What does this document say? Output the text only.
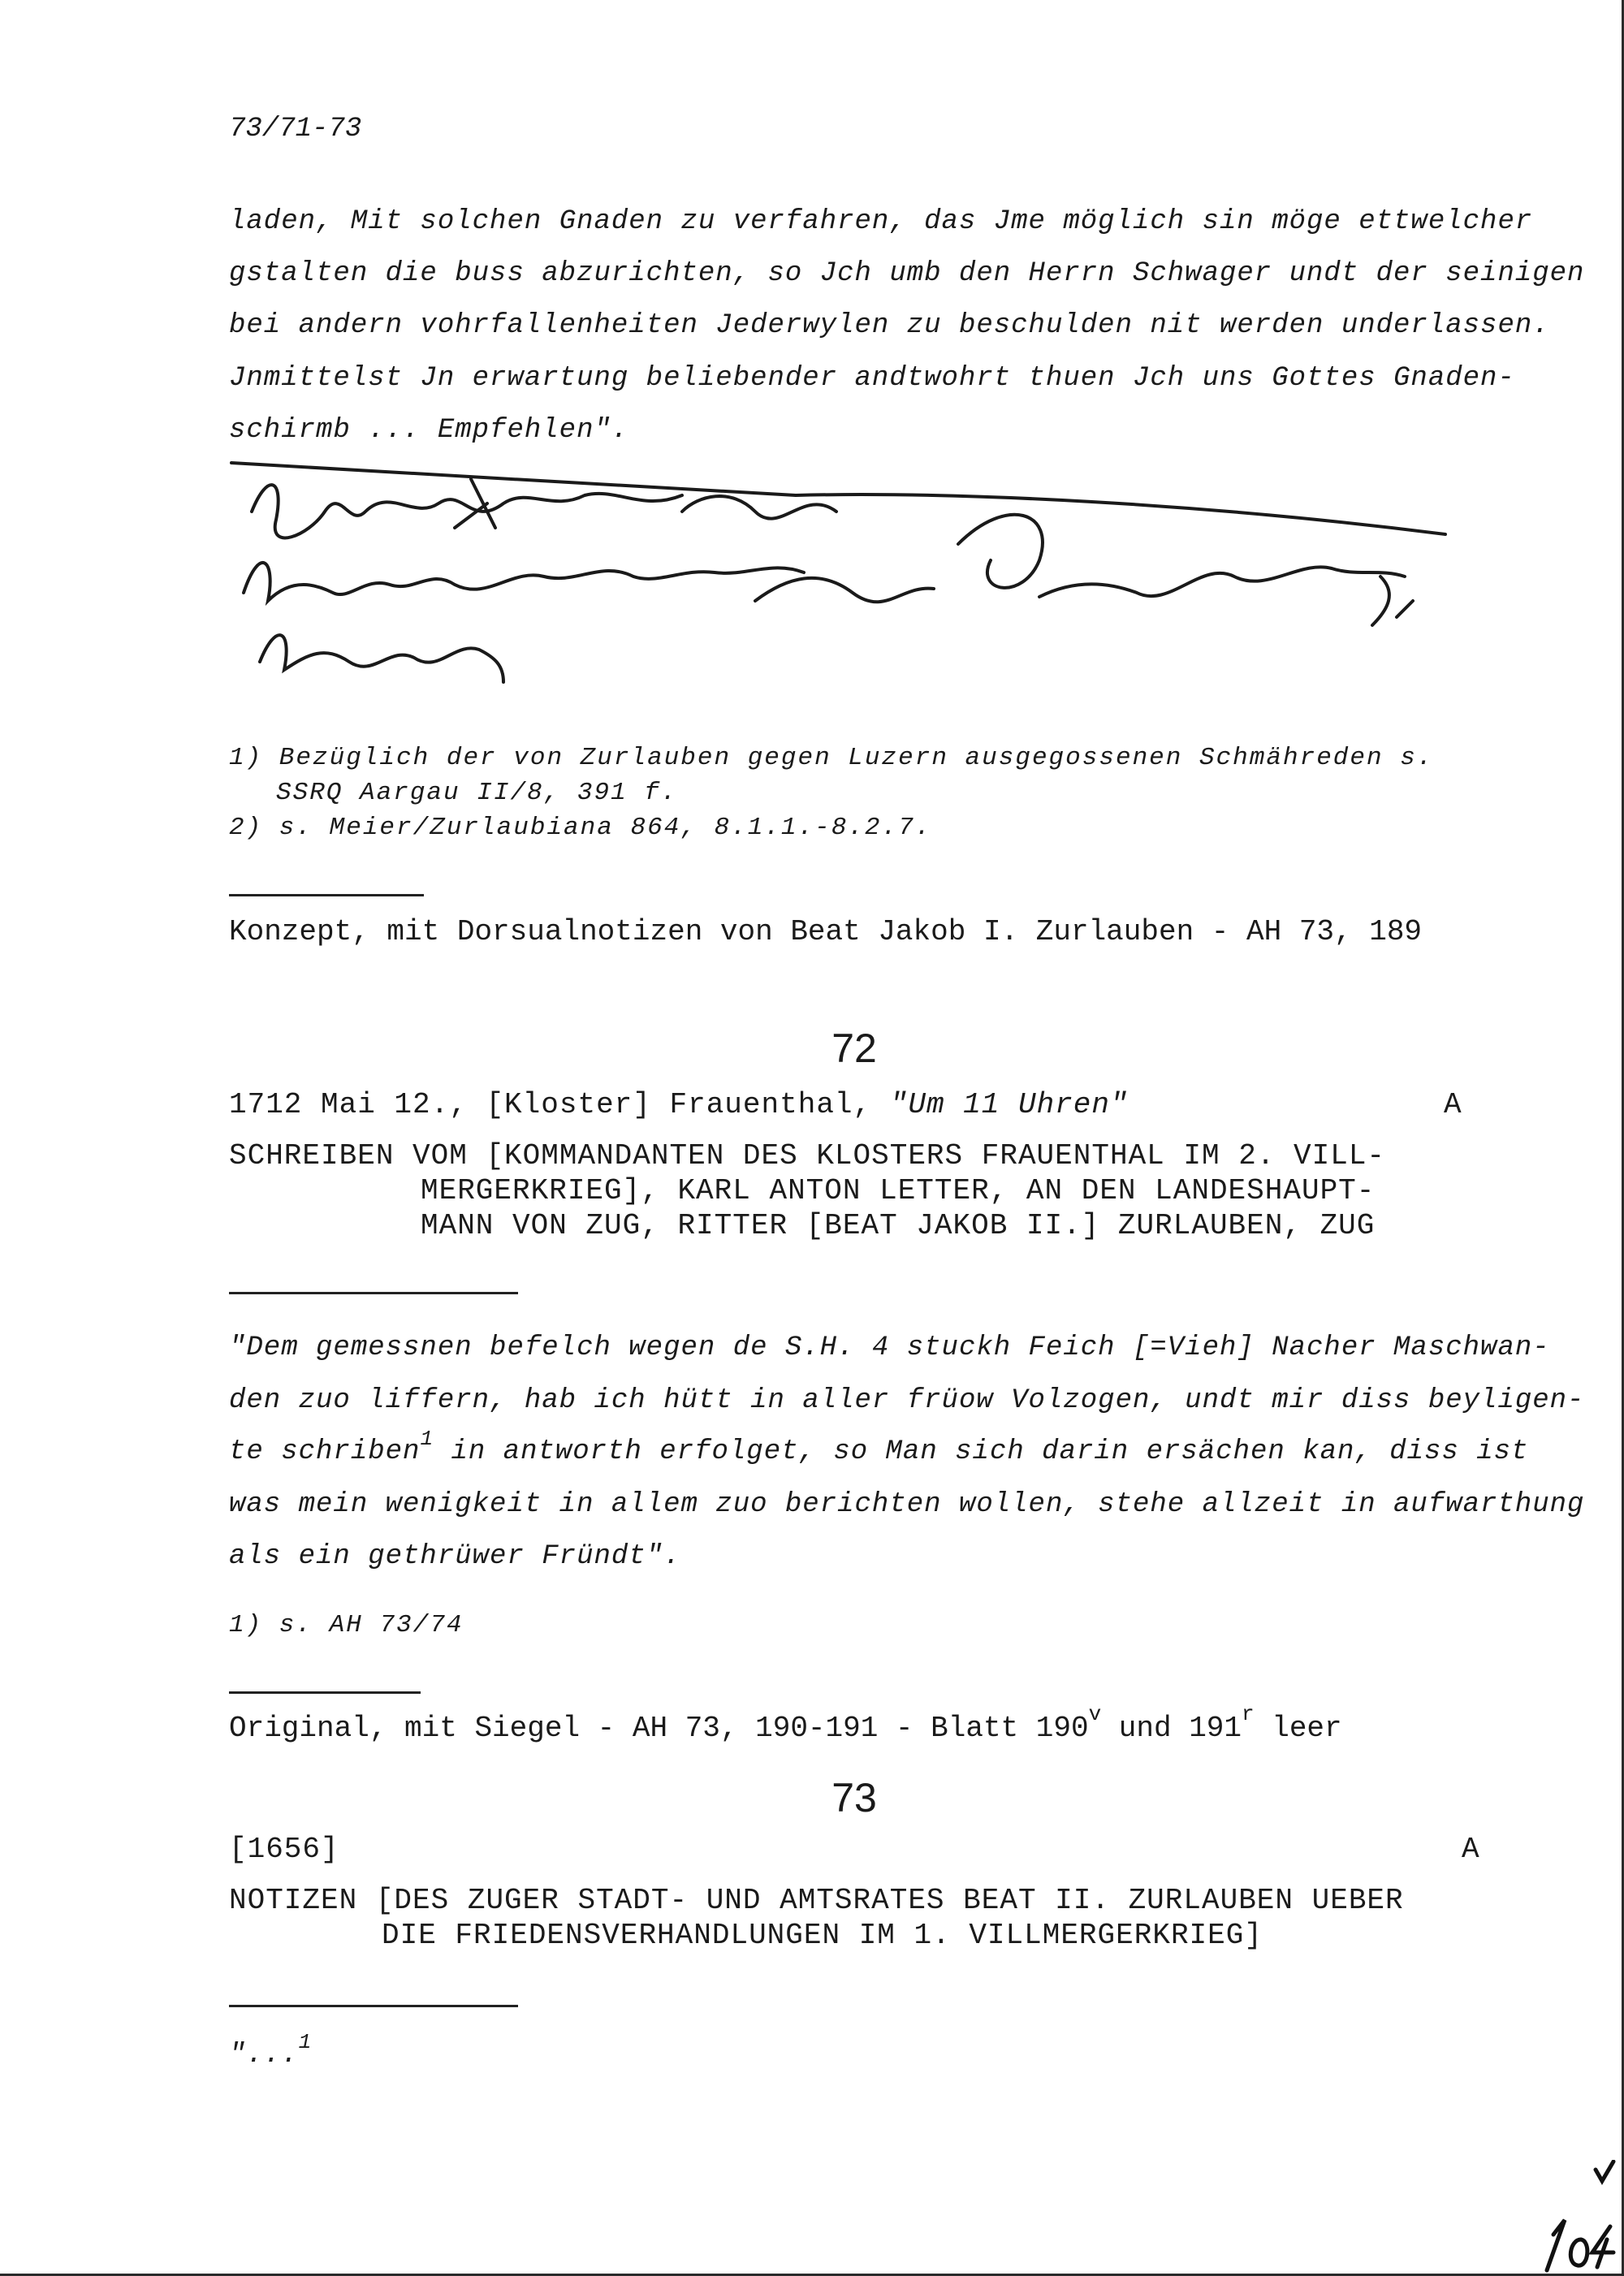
73/71-73
laden, Mit solchen Gnaden zu verfahren, das Jme möglich sin möge ettwelcher
gstalten die buss abzurichten, so Jch umb den Herrn Schwager undt der seinigen
bei andern vohrfallenheiten Jederwylen zu beschulden nit werden underlassen.
Jnmittelst Jn erwartung beliebender andtwohrt thuen Jch uns Gottes Gnaden-
schirmb ... Empfehlen".
1) Bezüglich der von Zurlauben gegen Luzern ausgegossenen Schmähreden s.
SSRQ Aargau II/8, 391 f.
2) s. Meier/Zurlaubiana 864, 8.1.1.-8.2.7.
Konzept, mit Dorsualnotizen von Beat Jakob I. Zurlauben - AH 73, 189
72
1712 Mai 12., [Kloster] Frauenthal, "Um 11 Uhren"	A
SCHREIBEN VOM [KOMMANDANTEN DES KLOSTERS FRAUENTHAL IM 2. VILL-
MERGERKRIEG], KARL ANTON LETTER, AN DEN LANDESHAUPT-
MANN VON ZUG, RITTER [BEAT JAKOB II.] ZURLAUBEN, ZUG
"Dem gemessnen befelch wegen de S.H. 4 stuckh Feich [=Vieh] Nacher Maschwan-
den zuo liffern, hab ich hütt in aller früow Volzogen, undt mir diss beyligen-
te schriben$^1$ in antworth erfolget, so Man sich darin ersächen kan, diss ist
was mein wenigkeit in allem zuo berichten wollen, stehe allzeit in aufwarthung
als ein gethrüwer Fründt".
1) s. AH 73/74
Original, mit Siegel - AH 73, 190-191 - Blatt 190$^v$ und 191$^r$ leer
73
[1656]	A
NOTIZEN [DES ZUGER STADT- UND AMTSRATES BEAT II. ZURLAUBEN UEBER
DIE FRIEDENSVERHANDLUNGEN IM 1. VILLMERGERKRIEG]
"...$^1$
